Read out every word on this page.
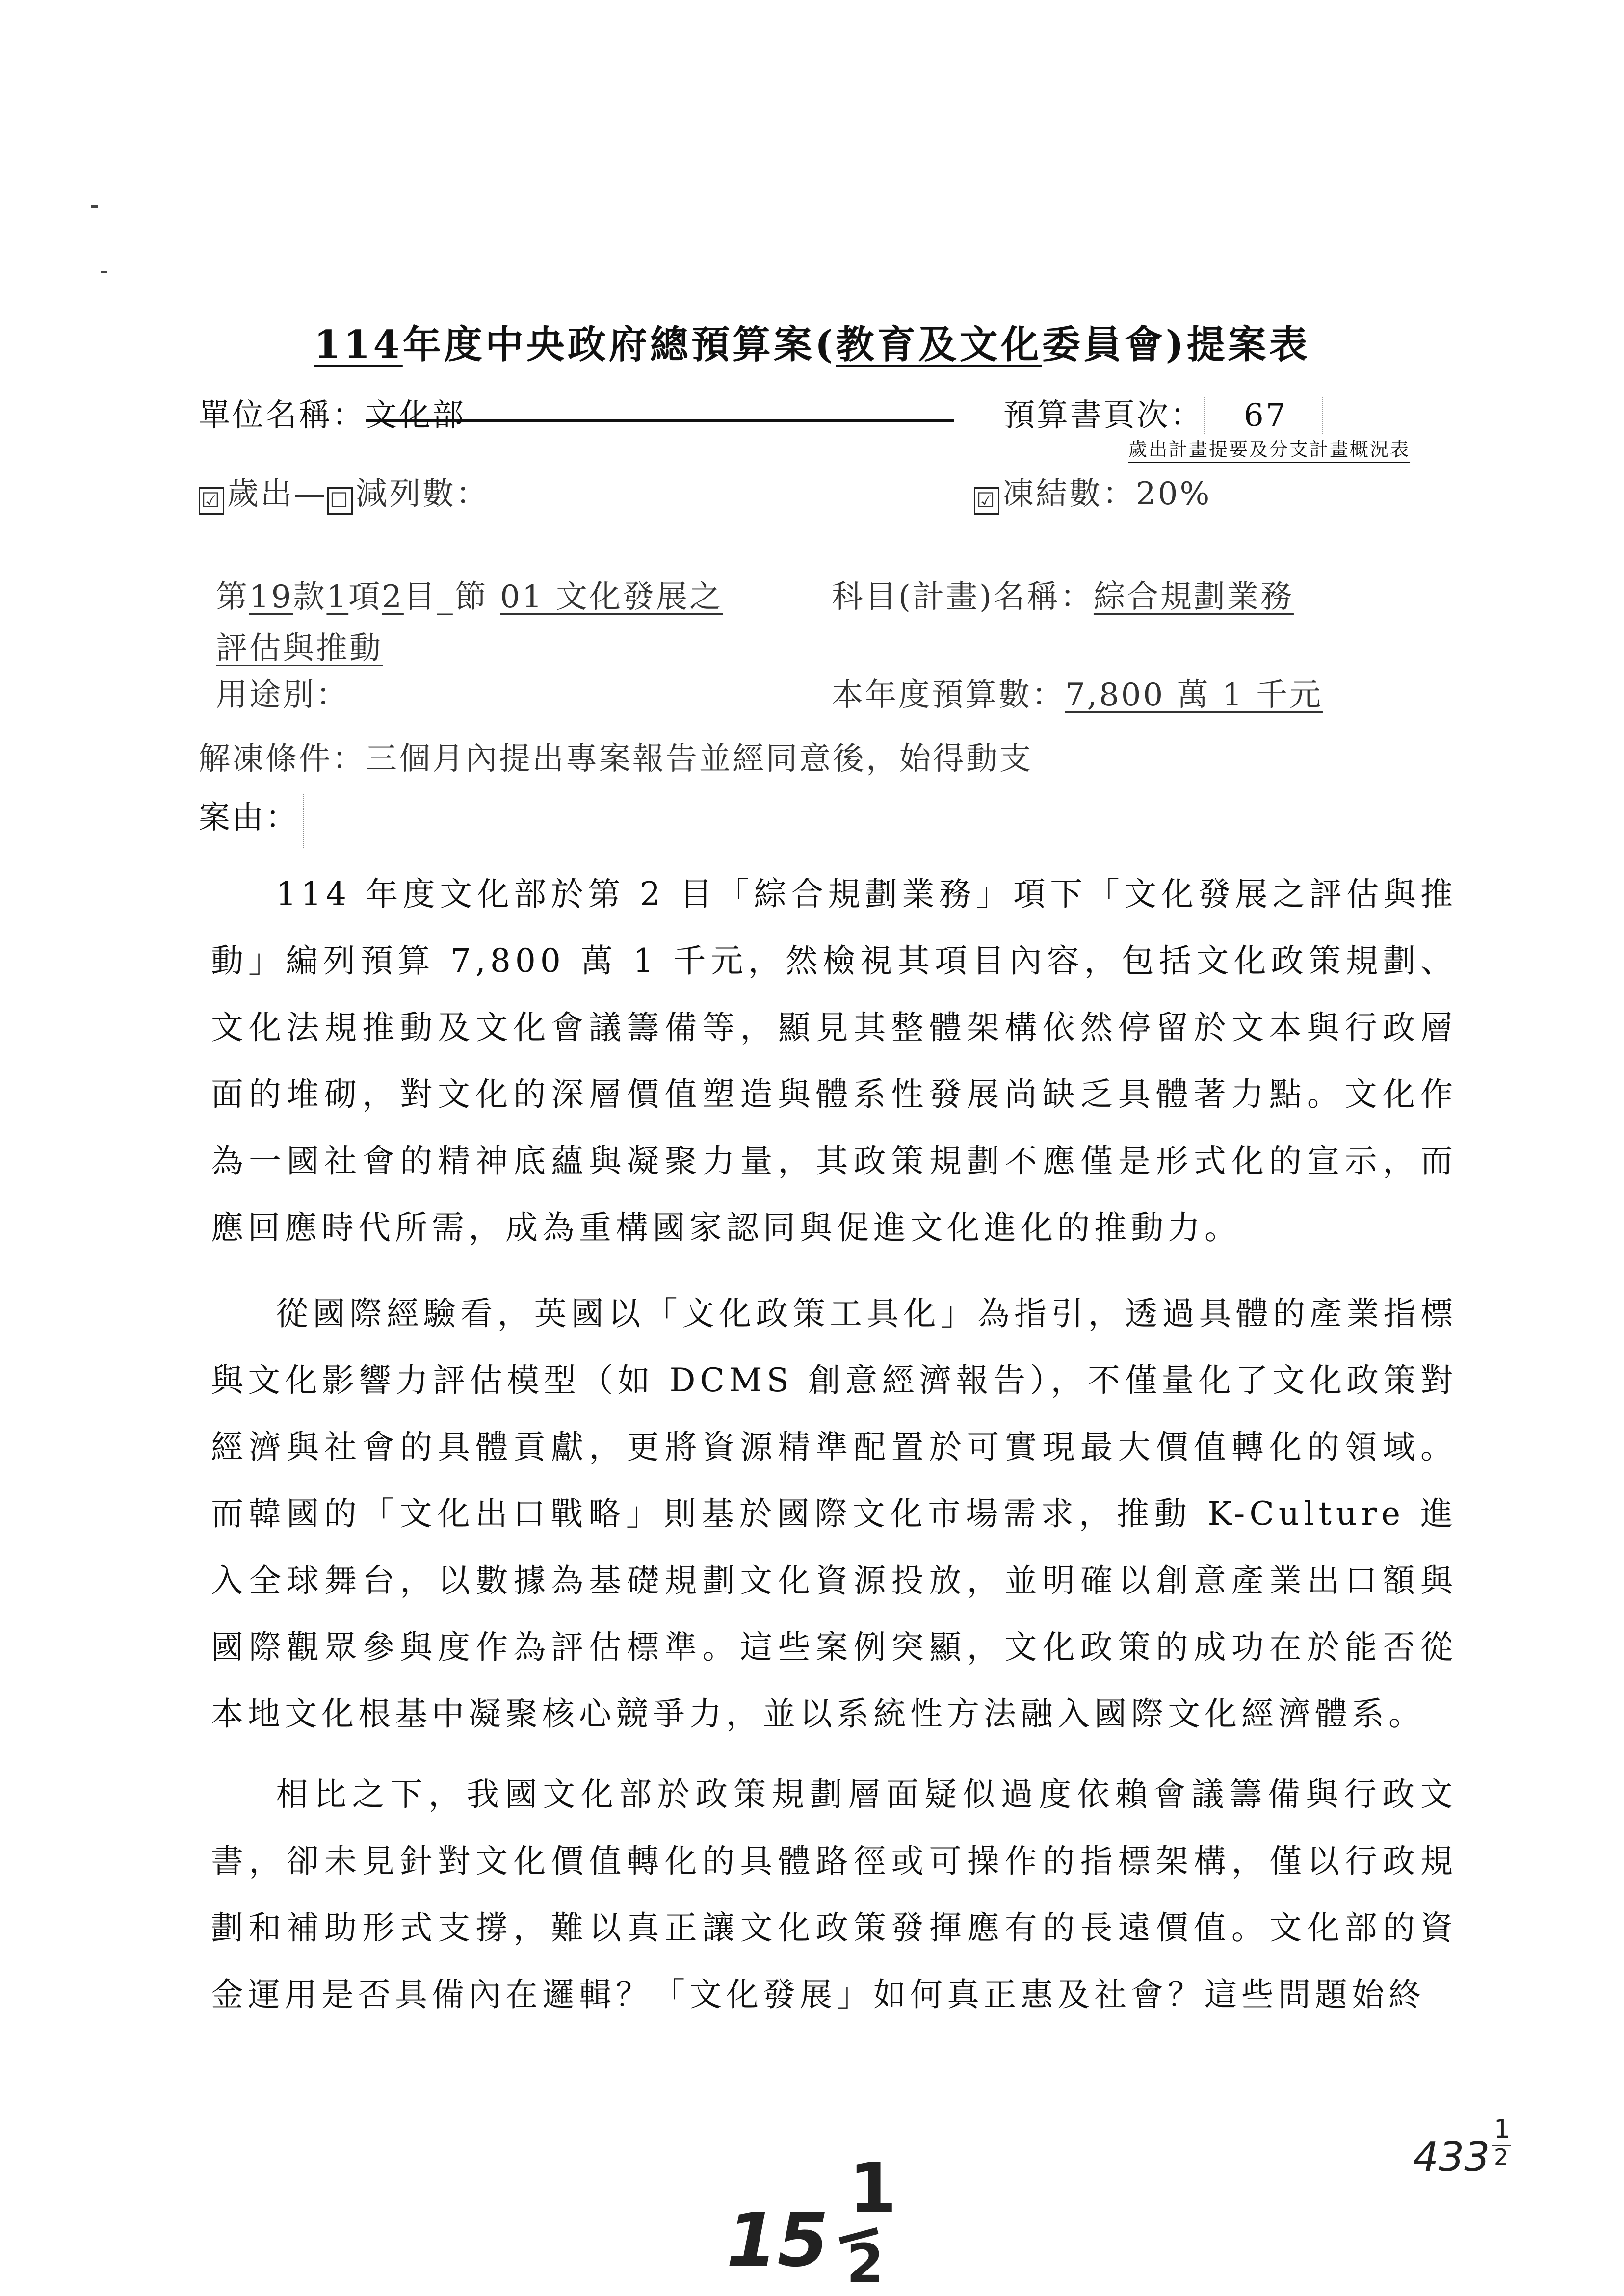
114年度中央政府總預算案(教育及文化委員會)提案表
單位名稱：文化部	預算書頁次： 67
歲出計畫提要及分支計畫概況表
☑ 歲出— ☐ 減列數：	☑ 凍結數：20%
第19款1項2目_節 01 文化發展之
評估與推動
科目(計畫)名稱：綜合規劃業務
用途別：	本年度預算數：7,800 萬 1 千元
解凍條件：三個月內提出專案報告並經同意後，始得動支
案由：
114 年度文化部於第 2 目「綜合規劃業務」項下「文化發展之評估與推動」編列預算 7,800 萬 1 千元，然檢視其項目內容，包括文化政策規劃、文化法規推動及文化會議籌備等，顯見其整體架構依然停留於文本與行政層面的堆砌，對文化的深層價值塑造與體系性發展尚缺乏具體著力點。文化作為一國社會的精神底蘊與凝聚力量，其政策規劃不應僅是形式化的宣示，而應回應時代所需，成為重構國家認同與促進文化進化的推動力。
從國際經驗看，英國以「文化政策工具化」為指引，透過具體的產業指標與文化影響力評估模型（如 DCMS 創意經濟報告），不僅量化了文化政策對經濟與社會的具體貢獻，更將資源精準配置於可實現最大價值轉化的領域。而韓國的「文化出口戰略」則基於國際文化市場需求，推動 K-Culture 進入全球舞台，以數據為基礎規劃文化資源投放，並明確以創意產業出口額與國際觀眾參與度作為評估標準。這些案例突顯，文化政策的成功在於能否從本地文化根基中凝聚核心競爭力，並以系統性方法融入國際文化經濟體系。
相比之下，我國文化部於政策規劃層面疑似過度依賴會議籌備與行政文書，卻未見針對文化價值轉化的具體路徑或可操作的指標架構，僅以行政規劃和補助形式支撐，難以真正讓文化政策發揮應有的長遠價值。文化部的資金運用是否具備內在邏輯？「文化發展」如何真正惠及社會？這些問題始終
15
1
2
433
1
2
